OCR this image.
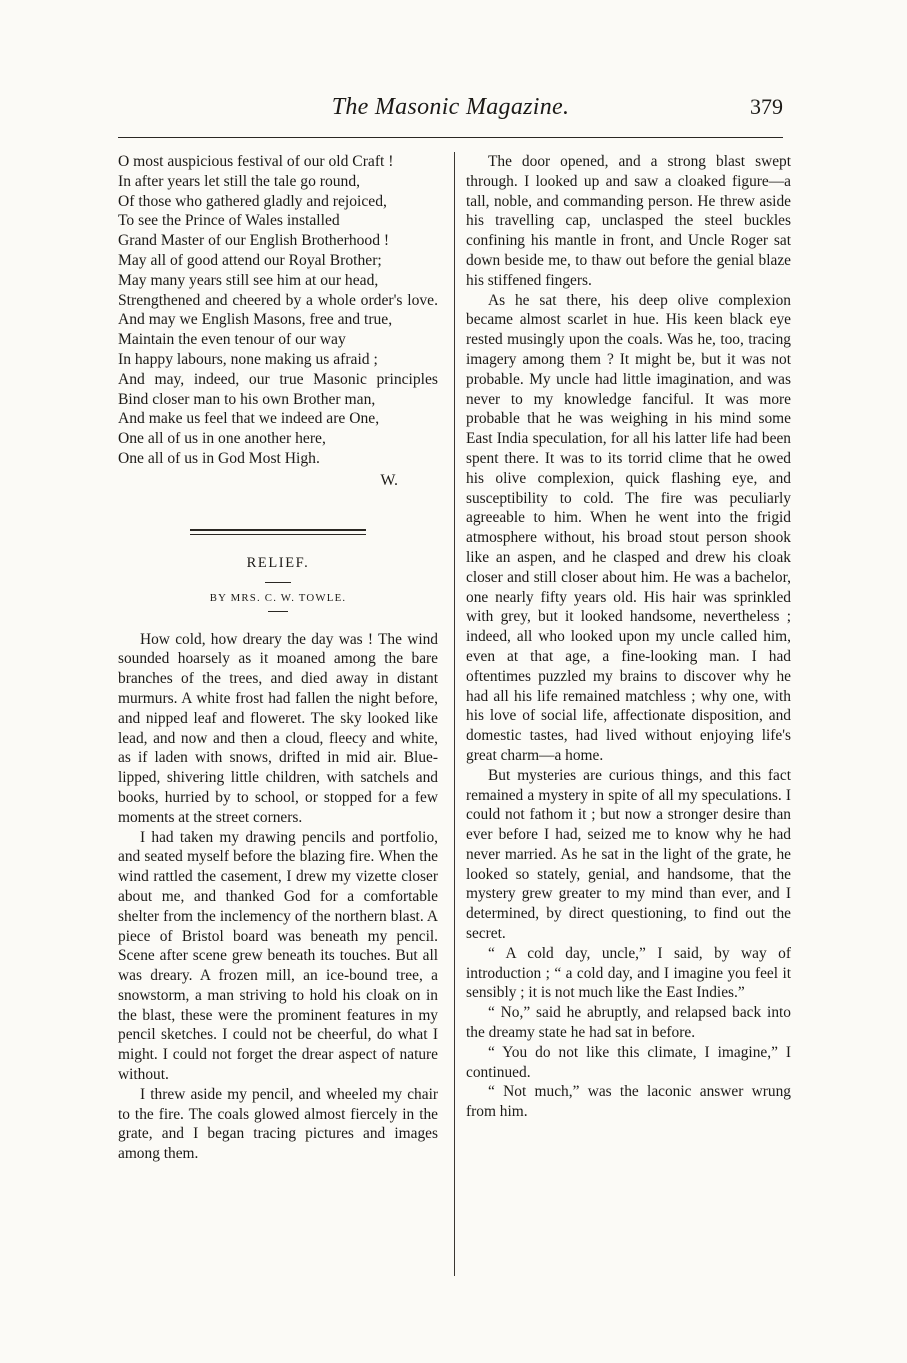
The Masonic Magazine.	379
O most auspicious festival of our old Craft !
In after years let still the tale go round,
Of those who gathered gladly and rejoiced,
To see the Prince of Wales installed
Grand Master of our English Brotherhood !
May all of good attend our Royal Brother;
May many years still see him at our head,
Strengthened and cheered by a whole order's love.
And may we English Masons, free and true,
Maintain the even tenour of our way
In happy labours, none making us afraid ;
And may, indeed, our true Masonic principles
Bind closer man to his own Brother man,
And make us feel that we indeed are One,
One all of us in one another here,
One all of us in God Most High.
W.
RELIEF.
BY MRS. C. W. TOWLE.

How cold, how dreary the day was ! The wind sounded hoarsely as it moaned among the bare branches of the trees, and died away in distant murmurs. A white frost had fallen the night before, and nipped leaf and floweret. The sky looked like lead, and now and then a cloud, fleecy and white, as if laden with snows, drifted in mid air. Blue-lipped, shivering little children, with satchels and books, hurried by to school, or stopped for a few moments at the street corners.

I had taken my drawing pencils and portfolio, and seated myself before the blazing fire. When the wind rattled the casement, I drew my vizette closer about me, and thanked God for a comfortable shelter from the inclemency of the northern blast. A piece of Bristol board was beneath my pencil. Scene after scene grew beneath its touches. But all was dreary. A frozen mill, an ice-bound tree, a snowstorm, a man striving to hold his cloak on in the blast, these were the prominent features in my pencil sketches. I could not be cheerful, do what I might. I could not forget the drear aspect of nature without.

I threw aside my pencil, and wheeled my chair to the fire. The coals glowed almost fiercely in the grate, and I began tracing pictures and images among them.

The door opened, and a strong blast swept through. I looked up and saw a cloaked figure—a tall, noble, and commanding person. He threw aside his travelling cap, unclasped the steel buckles confining his mantle in front, and Uncle Roger sat down beside me, to thaw out before the genial blaze his stiffened fingers.

As he sat there, his deep olive complexion became almost scarlet in hue. His keen black eye rested musingly upon the coals. Was he, too, tracing imagery among them ? It might be, but it was not probable. My uncle had little imagination, and was never to my knowledge fanciful. It was more probable that he was weighing in his mind some East India speculation, for all his latter life had been spent there. It was to its torrid clime that he owed his olive complexion, quick flashing eye, and susceptibility to cold. The fire was peculiarly agreeable to him. When he went into the frigid atmosphere without, his broad stout person shook like an aspen, and he clasped and drew his cloak closer and still closer about him. He was a bachelor, one nearly fifty years old. His hair was sprinkled with grey, but it looked handsome, nevertheless ; indeed, all who looked upon my uncle called him, even at that age, a fine-looking man. I had oftentimes puzzled my brains to discover why he had all his life remained matchless ; why one, with his love of social life, affectionate disposition, and domestic tastes, had lived without enjoying life's great charm—a home.

But mysteries are curious things, and this fact remained a mystery in spite of all my speculations. I could not fathom it ; but now a stronger desire than ever before I had, seized me to know why he had never married. As he sat in the light of the grate, he looked so stately, genial, and handsome, that the mystery grew greater to my mind than ever, and I determined, by direct questioning, to find out the secret.

“ A cold day, uncle,” I said, by way of introduction ; “ a cold day, and I imagine you feel it sensibly ; it is not much like the East Indies.”

“ No,” said he abruptly, and relapsed back into the dreamy state he had sat in before.

“ You do not like this climate, I imagine,” I continued.

“ Not much,” was the laconic answer wrung from him.
